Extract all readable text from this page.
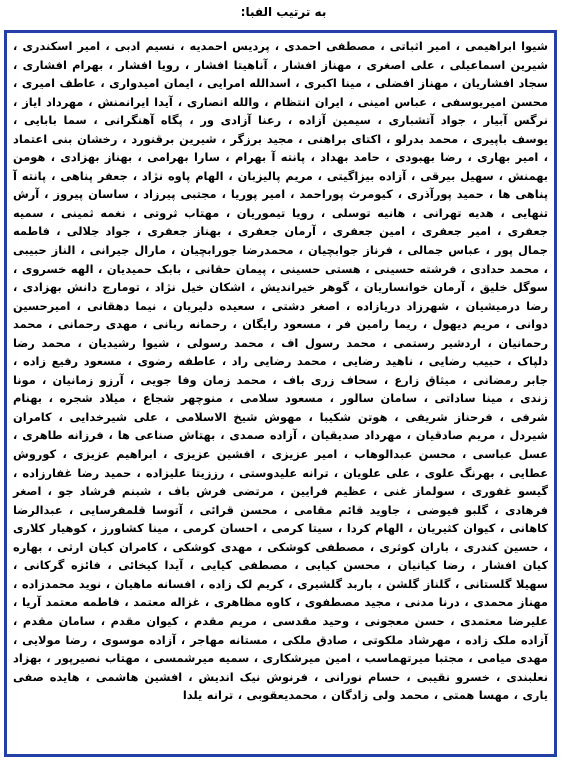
به ترتیب الفبا:

شیوا ابراهیمی ، امیر اثباتی ، مصطفی احمدی ، پردیس احمدیه ، نسیم ادبی ، امیر اسکندری ، شیرین اسماعیلی ، علی اصغری ، مهناز افشار ، آناهیتا افشار ، رویا افشار ، بهرام افشاری ، سجاد افشاریان ، مهناز افضلی ، مینا اکبری ، اسدالله امرایی ، ایمان امیدواری ، عاطف امیری ، محسن امیریوسفی ، عباس امینی ، ایران انتظام ، والله انصاری ، آیدا ایرانمنش ، مهرداد ایاز ، نرگس آبیار ، جواد آتشباری ، سیمین آزاده ، رعنا آزادی ور ، پگاه آهنگرانی ، سما بابایی ، یوسف باپیری ، محمد بدرلو ، اکتای براهنی ، مجید برزگر ، شیرین برقنورد ، رخشان بنی اعتماد ، امیر بهاری ، رضا بهبودی ، حامد بهداد ، پانته آ بهرام ، سارا بهرامی ، بهناز بهزادی ، هومن بهمنش ، سهیل بیرقی ، آزاده بیزاگیتی ، مریم پالیزبان ، الهام پاوه نژاد ، جعفر پناهی ، پانته آ پناهی ها ، حمید پورآذری ، کیومرث پوراحمد ، امیر پوریا ، مجتبی پیرزاد ، ساسان پیروز ، آرش تنهایی ، هدیه تهرانی ، هانیه توسلی ، رویا تیموریان ، مهتاب ثروتی ، نغمه ثمینی ، سمیه جعفری ، امیر جعفری ، امین جعفری ، آرمان جعفری ، بهناز جعفری ، جواد جلالی ، فاطمه جمال پور ، عباس جمالی ، فرناز جوابچیان ، محمدرضا جورابچیان ، مارال جیرانی ، الناز حبیبی ، محمد حدادی ، فرشته حسینی ، هستی حسینی ، پیمان حقانی ، بابک حمیدیان ، الهه خسروی ، سوگل خلیق ، آرمان خوانساریان ، گوهر خیراندیش ، اشکان خیل نژاد ، تومارج دانش بهزادی ، رضا درمیشیان ، شهرزاد دریازاده ، اصغر دشتی ، سعیده دلیریان ، نیما دهقانی ، امیرحسین دوانی ، مریم دیهول ، ریما رامین فر ، مسعود رایگان ، رحمانه ربانی ، مهدی رحمانی ، محمد رحمانیان ، اردشیر رستمی ، محمد رسول اف ، محمد رسولی ، شیوا رشیدیان ، محمد رضا دلپاک ، حبیب رضایی ، ناهید رضایی ، محمد رضایی راد ، عاطفه رضوی ، مسعود رفیع زاده ، جابر رمضانی ، میثاق زارع ، سحاف زری باف ، محمد زمان وفا جویی ، آرزو زمانیان ، مونا زندی ، مینا ساداتی ، سامان سالور ، مسعود سلامی ، منوچهر شجاع ، میلاد شجره ، بهنام شرفی ، فرحناز شریفی ، هوتن شکیبا ، مهوش شیخ الاسلامی ، علی شیرخدایی ، کامران شیردل ، مریم صادقیان ، مهرداد صدیقیان ، آزاده صمدی ، بهتاش صناعی ها ، فرزانه طاهری ، عسل عباسی ، محسن عبدالوهاب ، امیر عزیزی ، افشین عزیزی ، ابراهیم عزیزی ، کوروش عطایی ، بهرنگ علوی ، علی علویان ، ترانه علیدوستی ، رززیتا علیزاده ، حمید رضا غفارزاده ، گیسو غفوری ، سولماز غنی ، عظیم فرایین ، مرتضی فرش باف ، شبنم فرشاد جو ، اصغر فرهادی ، گلبو فیوضی ، جاوید قائم مقامی ، محسن قرائی ، آتوسا قلمفرسایی ، عبدالرضا کاهانی ، کیوان کثیریان ، الهام کردا ، سیتا کرمی ، احسان کرمی ، مینا کشاورز ، کوهیار کلاری ، حسین کندری ، باران کوثری ، مصطفی کوشکی ، مهدی کوشکی ، کامران کیان ارثی ، بهاره کیان افشار ، رضا کیانیان ، محسن کیایی ، مصطفی کیایی ، آیدا کیخائی ، فائزه گرکانی ، سهیلا گلستانی ، گلناز گلشن ، باربد گلشیری ، کریم لک زاده ، افسانه ماهیان ، نوید محمدزاده ، مهناز محمدی ، درنا مدنی ، مجید مصطفوی ، کاوه مظاهری ، غزاله معتمد ، فاطمه معتمد آریا ، علیرضا معتمدی ، حسن معجونی ، وحید مقدسی ، مریم مقدم ، کیوان مقدم ، سامان مقدم ، آزاده ملک زاده ، مهرشاد ملکوتی ، صادق ملکی ، مستانه مهاجر ، آزاده موسوی ، رضا مولایی ، مهدی میامی ، مجتبا میرتهماسب ، امین میرشکاری ، سمیه میرشمسی ، مهتاب نصیرپور ، بهزاد نعلبندی ، خسرو نقیبی ، حسام نورانی ، فرنوش نیک اندیش ، افشین هاشمی ، هایده صفی یاری ، مهسا همتی ، محمد ولی زادگان ، محمدیعقوبی ، ترانه یلدا
